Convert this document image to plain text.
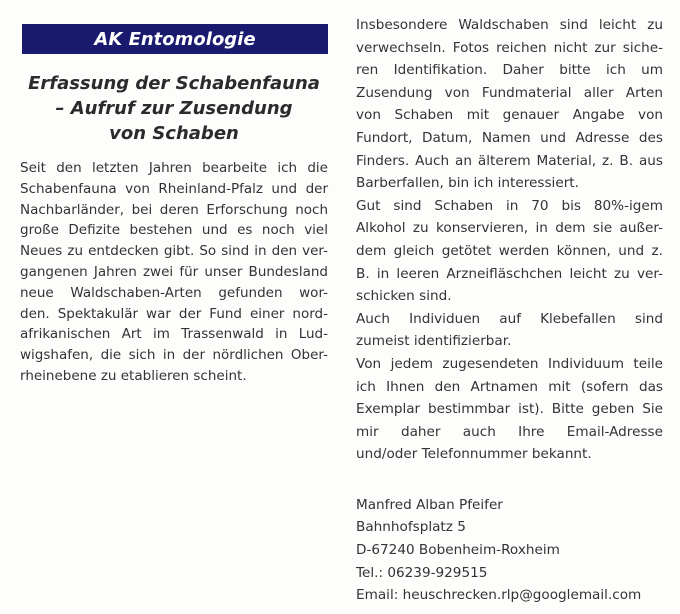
AK Entomologie
Erfassung der Schabenfauna
– Aufruf zur Zusendung
von Schaben
Seit den letzten Jahren bearbeite ich die
Schabenfauna von Rheinland-Pfalz und der
Nachbarländer, bei deren Erforschung noch
große Defizite bestehen und es noch viel
Neues zu entdecken gibt. So sind in den ver-
gangenen Jahren zwei für unser Bundesland
neue Waldschaben-Arten gefunden wor-
den. Spektakulär war der Fund einer nord-
afrikanischen Art im Trassenwald in Lud-
wigshafen, die sich in der nördlichen Ober-
rheinebene zu etablieren scheint.
Insbesondere Waldschaben sind leicht zu
verwechseln. Fotos reichen nicht zur siche-
ren Identifikation. Daher bitte ich um
Zusendung von Fundmaterial aller Arten
von Schaben mit genauer Angabe von
Fundort, Datum, Namen und Adresse des
Finders. Auch an älterem Material, z. B. aus
Barberfallen, bin ich interessiert.
Gut sind Schaben in 70 bis 80%-igem
Alkohol zu konservieren, in dem sie außer-
dem gleich getötet werden können, und z.
B. in leeren Arzneifläschchen leicht zu ver-
schicken sind.
Auch Individuen auf Klebefallen sind
zumeist identifizierbar.
Von jedem zugesendeten Individuum teile
ich Ihnen den Artnamen mit (sofern das
Exemplar bestimmbar ist). Bitte geben Sie
mir daher auch Ihre Email-Adresse
und/oder Telefonnummer bekannt.
Manfred Alban Pfeifer
Bahnhofsplatz 5
D-67240 Bobenheim-Roxheim
Tel.: 06239-929515
Email: heuschrecken.rlp@googlemail.com
